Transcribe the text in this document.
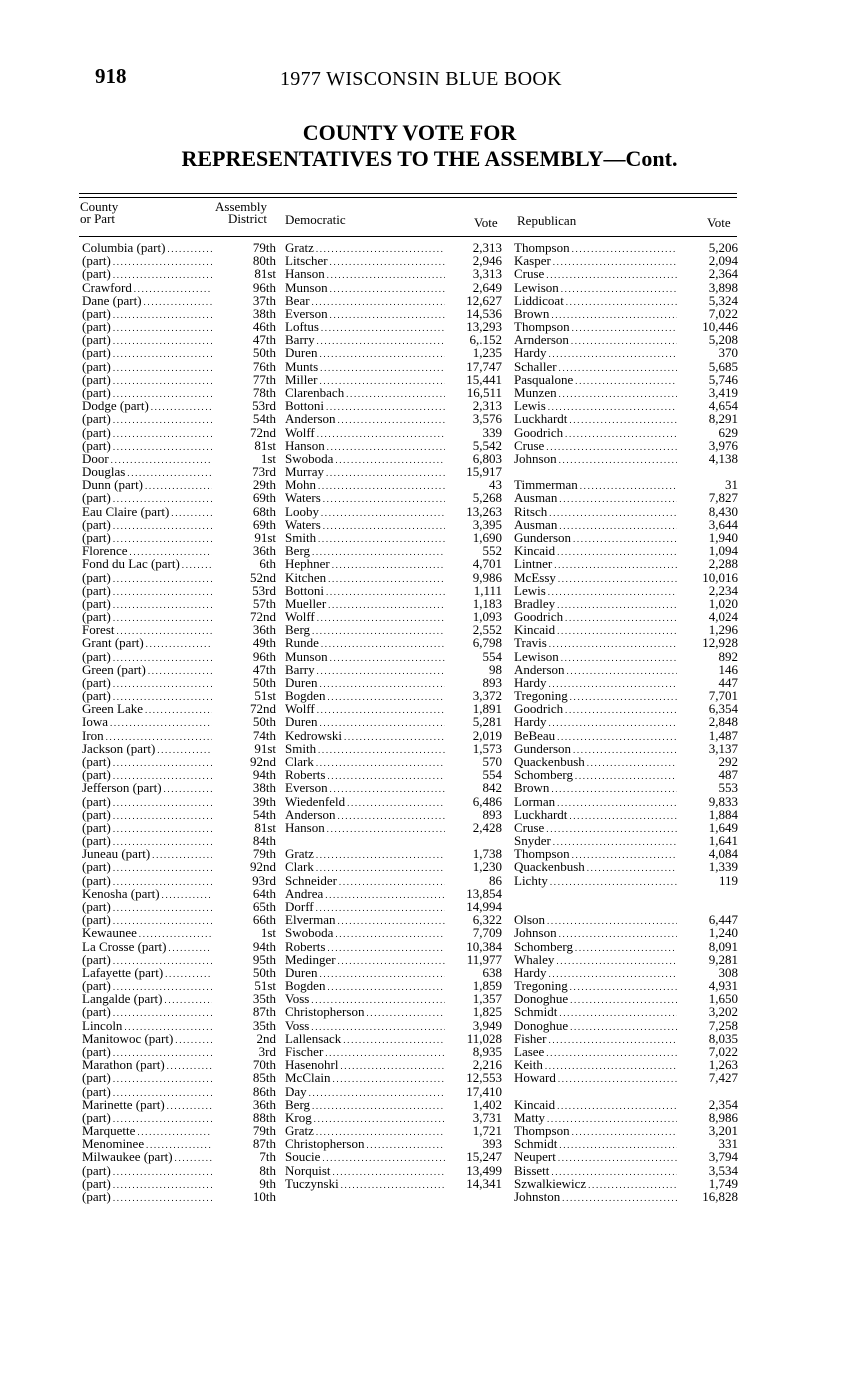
918	1977 WISCONSIN BLUE BOOK
COUNTY VOTE FOR
REPRESENTATIVES TO THE ASSEMBLY—Cont.
County
or Part
Assembly
District Democratic	Vote Republican	Vote
Columbia (part) . . .	79th Gratz . . .	2,313 Thompson . . .	5,206
(part) . . .	80th Litscher . . .	2,946 Kasper . . .	2,094
(part) . . .	81st Hanson . . .	3,313 Cruse . . .	2,364
Crawford . . .	96th Munson . . .	2,649 Lewison . . .	3,898
Dane (part) . . .	37th Bear . . .	12,627 Liddicoat . . .	5,324
(part) . . .	38th Everson . . .	14,536 Brown . . .	7,022
(part) . . .	46th Loftus . . .	13,293 Thompson . . .	10,446
(part) . . .	47th Barry . . .	6,.152 Arnderson . . .	5,208
(part) . . .	50th Duren . . .	1,235 Hardy . . .	370
(part) . . .	76th Munts . . .	17,747 Schaller . . .	5,685
(part) . . .	77th Miller . . .	15,441 Pasqualone . . .	5,746
(part) . . .	78th Clarenbach . . .	16,511 Munzen . . .	3,419
Dodge (part) . . .	53rd Bottoni . . .	2,313 Lewis . . .	4,654
(part) . . .	54th Anderson . . .	3,576 Luckhardt . . .	8,291
(part) . . .	72nd Wolff . . .	339 Goodrich . . .	629
(part) . . .	81st Hanson . . .	5,542 Cruse . . .	3,976
Door . . .	1st Swoboda . . .	6,803 Johnson . . .	4,138
Douglas . . .	73rd Murray . . .	15,917
Dunn (part) . . .	29th Mohn . . .	43 Timmerman . . .	31
(part) . . .	69th Waters . . .	5,268 Ausman . . .	7,827
Eau Claire (part) . . .	68th Looby . . .	13,263 Ritsch . . .	8,430
(part) . . .	69th Waters . . .	3,395 Ausman . . .	3,644
(part) . . .	91st Smith . . .	1,690 Gunderson . . .	1,940
Florence . . .	36th Berg . . .	552 Kincaid . . .	1,094
Fond du Lac (part) . . .	6th Hephner . . .	4,701 Lintner . . .	2,288
(part) . . .	52nd Kitchen . . .	9,986 McEssy . . .	10,016
(part) . . .	53rd Bottoni . . .	1,111 Lewis . . .	2,234
(part) . . .	57th Mueller . . .	1,183 Bradley . . .	1,020
(part) . . .	72nd Wolff . . .	1,093 Goodrich . . .	4,024
Forest . . .	36th Berg . . .	2,552 Kincaid . . .	1,296
Grant (part) . . .	49th Runde . . .	6,798 Travis . . .	12,928
(part) . . .	96th Munson . . .	554 Lewison . . .	892
Green (part) . . .	47th Barry . . .	98 Anderson . . .	146
(part) . . .	50th Duren . . .	893 Hardy . . .	447
(part) . . .	51st Bogden . . .	3,372 Tregoning . . .	7,701
Green Lake . . .	72nd Wolff . . .	1,891 Goodrich . . .	6,354
Iowa . . .	50th Duren . . .	5,281 Hardy . . .	2,848
Iron . . .	74th Kedrowski . . .	2,019 BeBeau . . .	1,487
Jackson (part) . . .	91st Smith . . .	1,573 Gunderson . . .	3,137
(part) . . .	92nd Clark . . .	570 Quackenbush . . .	292
(part) . . .	94th Roberts . . .	554 Schomberg . . .	487
Jefferson (part) . . .	38th Everson . . .	842 Brown . . .	553
(part) . . .	39th Wiedenfeld . . .	6,486 Lorman . . .	9,833
(part) . . .	54th Anderson . . .	893 Luckhardt . . .	1,884
(part) . . .	81st Hanson . . .	2,428 Cruse . . .	1,649
(part) . . .	84th	Snyder . . .	1,641
Juneau (part) . . .	79th Gratz . . .	1,738 Thompson . . .	4,084
(part) . . .	92nd Clark . . .	1,230 Quackenbush . . .	1,339
(part) . . .	93rd Schneider . . .	86 Lichty . . .	119
Kenosha (part) . . .	64th Andrea . . .	13,854
(part) . . .	65th Dorff . . .	14,994
(part) . . .	66th Elverman . . .	6,322 Olson . . .	6,447
Kewaunee . . .	1st Swoboda . . .	7,709 Johnson . . .	1,240
La Crosse (part) . . .	94th Roberts . . .	10,384 Schomberg . . .	8,091
(part) . . .	95th Medinger . . .	11,977 Whaley . . .	9,281
Lafayette (part) . . .	50th Duren . . .	638 Hardy . . .	308
(part) . . .	51st Bogden . . .	1,859 Tregoning . . .	4,931
Langalde (part) . . .	35th Voss . . .	1,357 Donoghue . . .	1,650
(part) . . .	87th Christopherson . . .	1,825 Schmidt . . .	3,202
Lincoln . . .	35th Voss . . .	3,949 Donoghue . . .	7,258
Manitowoc (part) . . .	2nd Lallensack . . .	11,028 Fisher . . .	8,035
(part) . . .	3rd Fischer . . .	8,935 Lasee . . .	7,022
Marathon (part) . . .	70th Hasenohrl . . .	2,216 Keith . . .	1,263
(part) . . .	85th McClain . . .	12,553 Howard . . .	7,427
(part) . . .	86th Day . . .	17,410
Marinette (part) . . .	36th Berg . . .	1,402 Kincaid . . .	2,354
(part) . . .	88th Krog . . .	3,731 Matty . . .	8,986
Marquette . . .	79th Gratz . . .	1,721 Thompson . . .	3,201
Menominee . . .	87th Christopherson . . .	393 Schmidt . . .	331
Milwaukee (part) . . .	7th Soucie . . .	15,247 Neupert . . .	3,794
(part) . . .	8th Norquist . . .	13,499 Bissett . . .	3,534
(part) . . .	9th Tuczynski . . .	14,341 Szwalkiewicz . . .	1,749
(part) . . .	10th	Johnston . . .	16,828
